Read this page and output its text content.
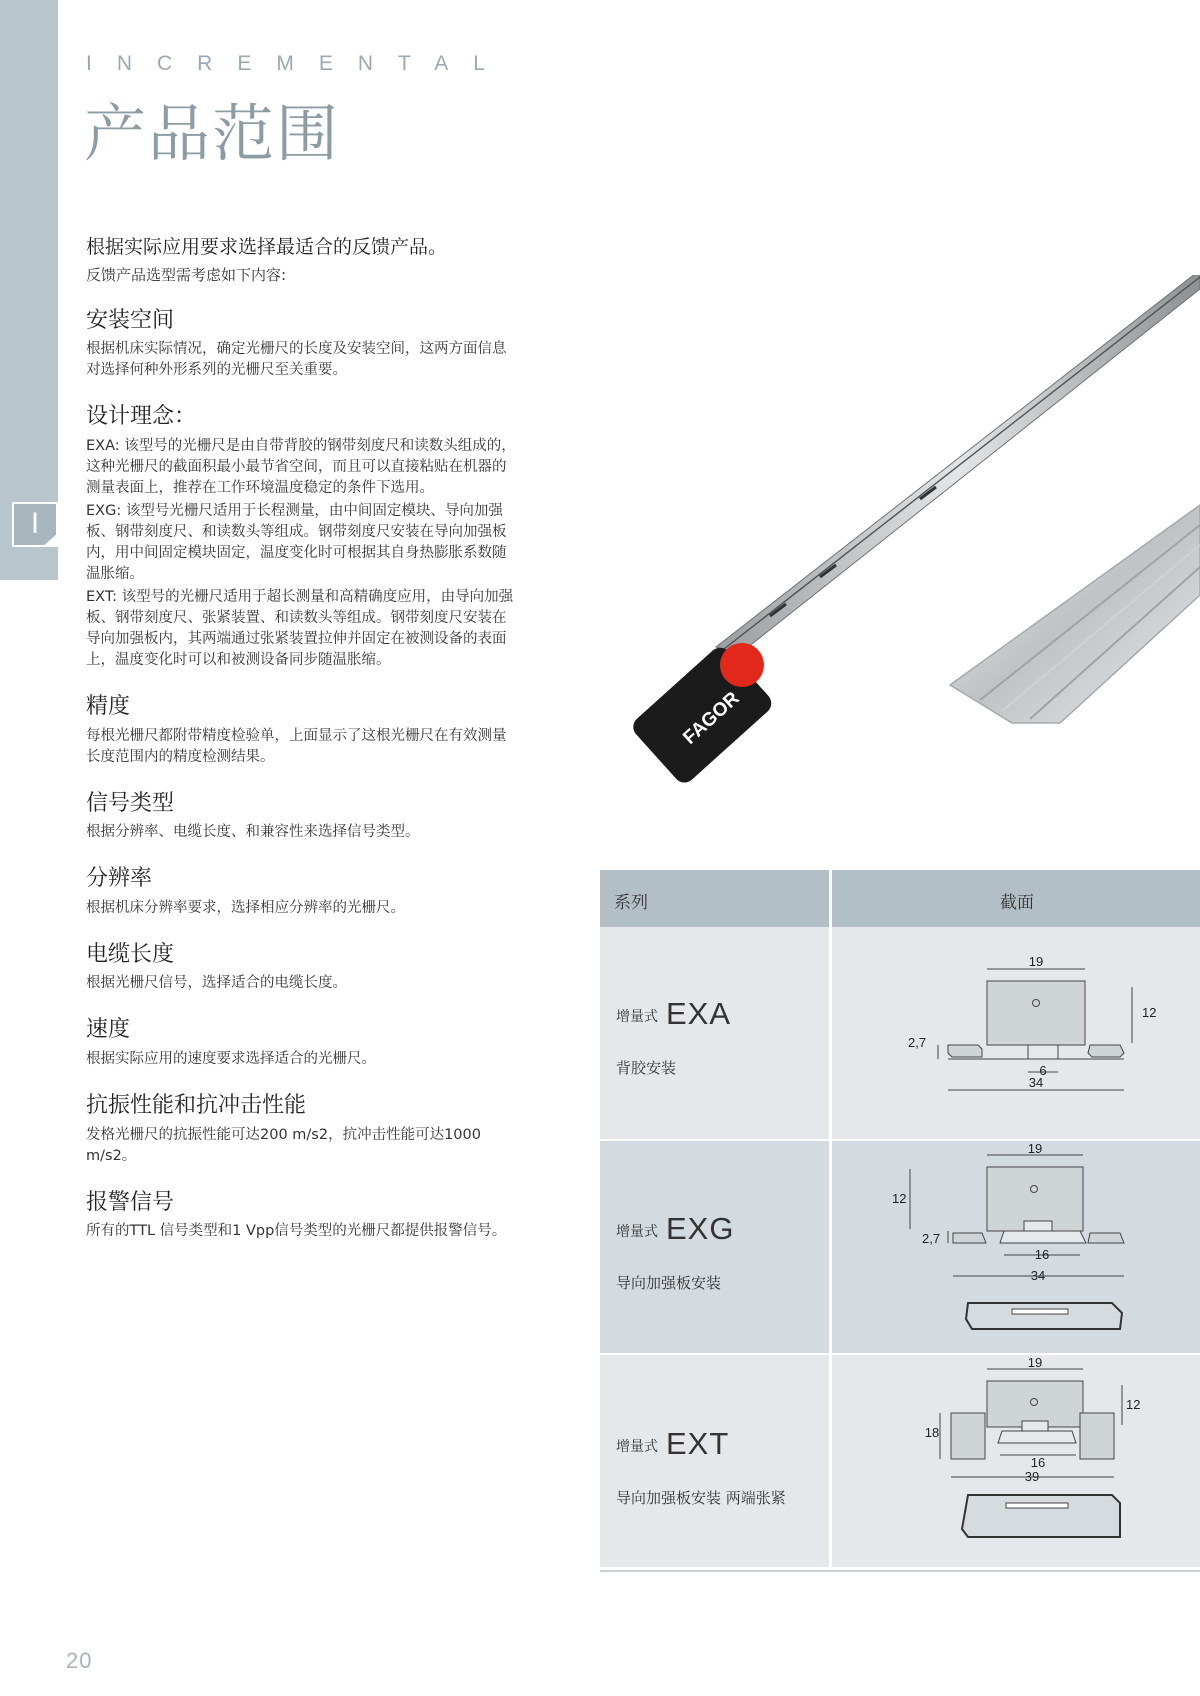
I
INCREMENTAL
产品范围
根据实际应用要求选择最适合的反馈产品。
反馈产品选型需考虑如下内容:
安装空间
根据机床实际情况，确定光栅尺的长度及安装空间，这两方面信息对选择何种外形系列的光栅尺至关重要。
设计理念：
EXA: 该型号的光栅尺是由自带背胶的钢带刻度尺和读数头组成的，这种光栅尺的截面积最小最节省空间，而且可以直接粘贴在机器的测量表面上，推荐在工作环境温度稳定的条件下选用。
EXG: 该型号光栅尺适用于长程测量，由中间固定模块、导向加强板、钢带刻度尺、和读数头等组成。钢带刻度尺安装在导向加强板内，用中间固定模块固定，温度变化时可根据其自身热膨胀系数随温胀缩。
EXT: 该型号的光栅尺适用于超长测量和高精确度应用，由导向加强板、钢带刻度尺、张紧装置、和读数头等组成。钢带刻度尺安装在导向加强板内，其两端通过张紧装置拉伸并固定在被测设备的表面上，温度变化时可以和被测设备同步随温胀缩。
精度
每根光栅尺都附带精度检验单，上面显示了这根光栅尺在有效测量长度范围内的精度检测结果。
信号类型
根据分辨率、电缆长度、和兼容性来选择信号类型。
分辨率
根据机床分辨率要求，选择相应分辨率的光栅尺。
电缆长度
根据光栅尺信号，选择适合的电缆长度。
速度
根据实际应用的速度要求选择适合的光栅尺。
抗振性能和抗冲击性能
发格光栅尺的抗振性能可达200 m/s2，抗冲击性能可达1000 m/s2。
报警信号
所有的TTL 信号类型和1 Vpp信号类型的光栅尺都提供报警信号。
FAGOR
系列	截面
增量式 EXA
背胶安装
19
12
2,7
6
34
增量式 EXG
导向加强板安装
19
12
2,7
16
34
增量式 EXT
导向加强板安装 两端张紧
19
12
18
16
39
20
